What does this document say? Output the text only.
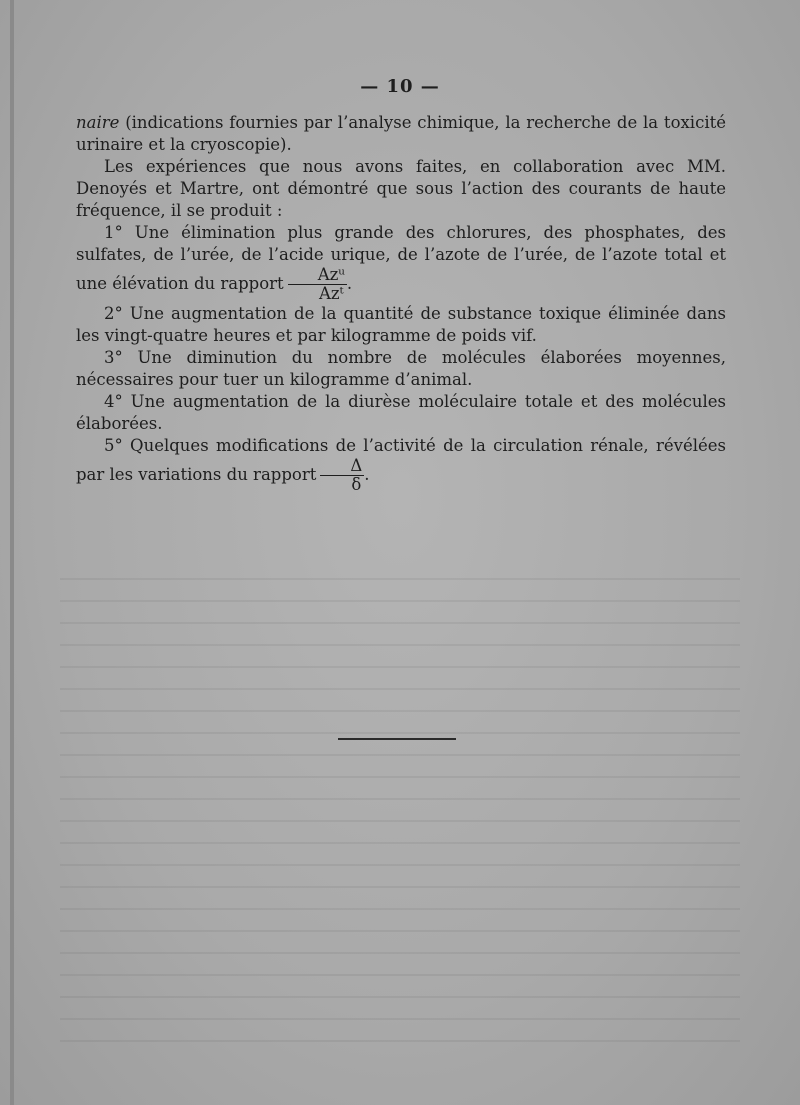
— 10 —

naire (indications fournies par l’analyse chimique, la recherche de la toxicité urinaire et la cryoscopie).

Les expériences que nous avons faites, en collaboration avec MM. Denoyés et Martre, ont démontré que sous l’action des courants de haute fréquence, il se produit :

1° Une élimination plus grande des chlorures, des phosphates, des sulfates, de l’urée, de l’acide urique, de l’azote de l’urée, de l’azote total et une élévation du rapport $\frac{\text{Azᵘ}}{\text{Azᵗ}}$ .

2° Une augmentation de la quantité de substance toxique éliminée dans les vingt-quatre heures et par kilogramme de poids vif.

3° Une diminution du nombre de molécules élaborées moyennes, nécessaires pour tuer un kilogramme d’animal.

4° Une augmentation de la diurèse moléculaire totale et des molécules élaborées.

5° Quelques modifications de l’activité de la circulation rénale, révélées par les variations du rapport $\frac{\Delta}{\delta}$ .
